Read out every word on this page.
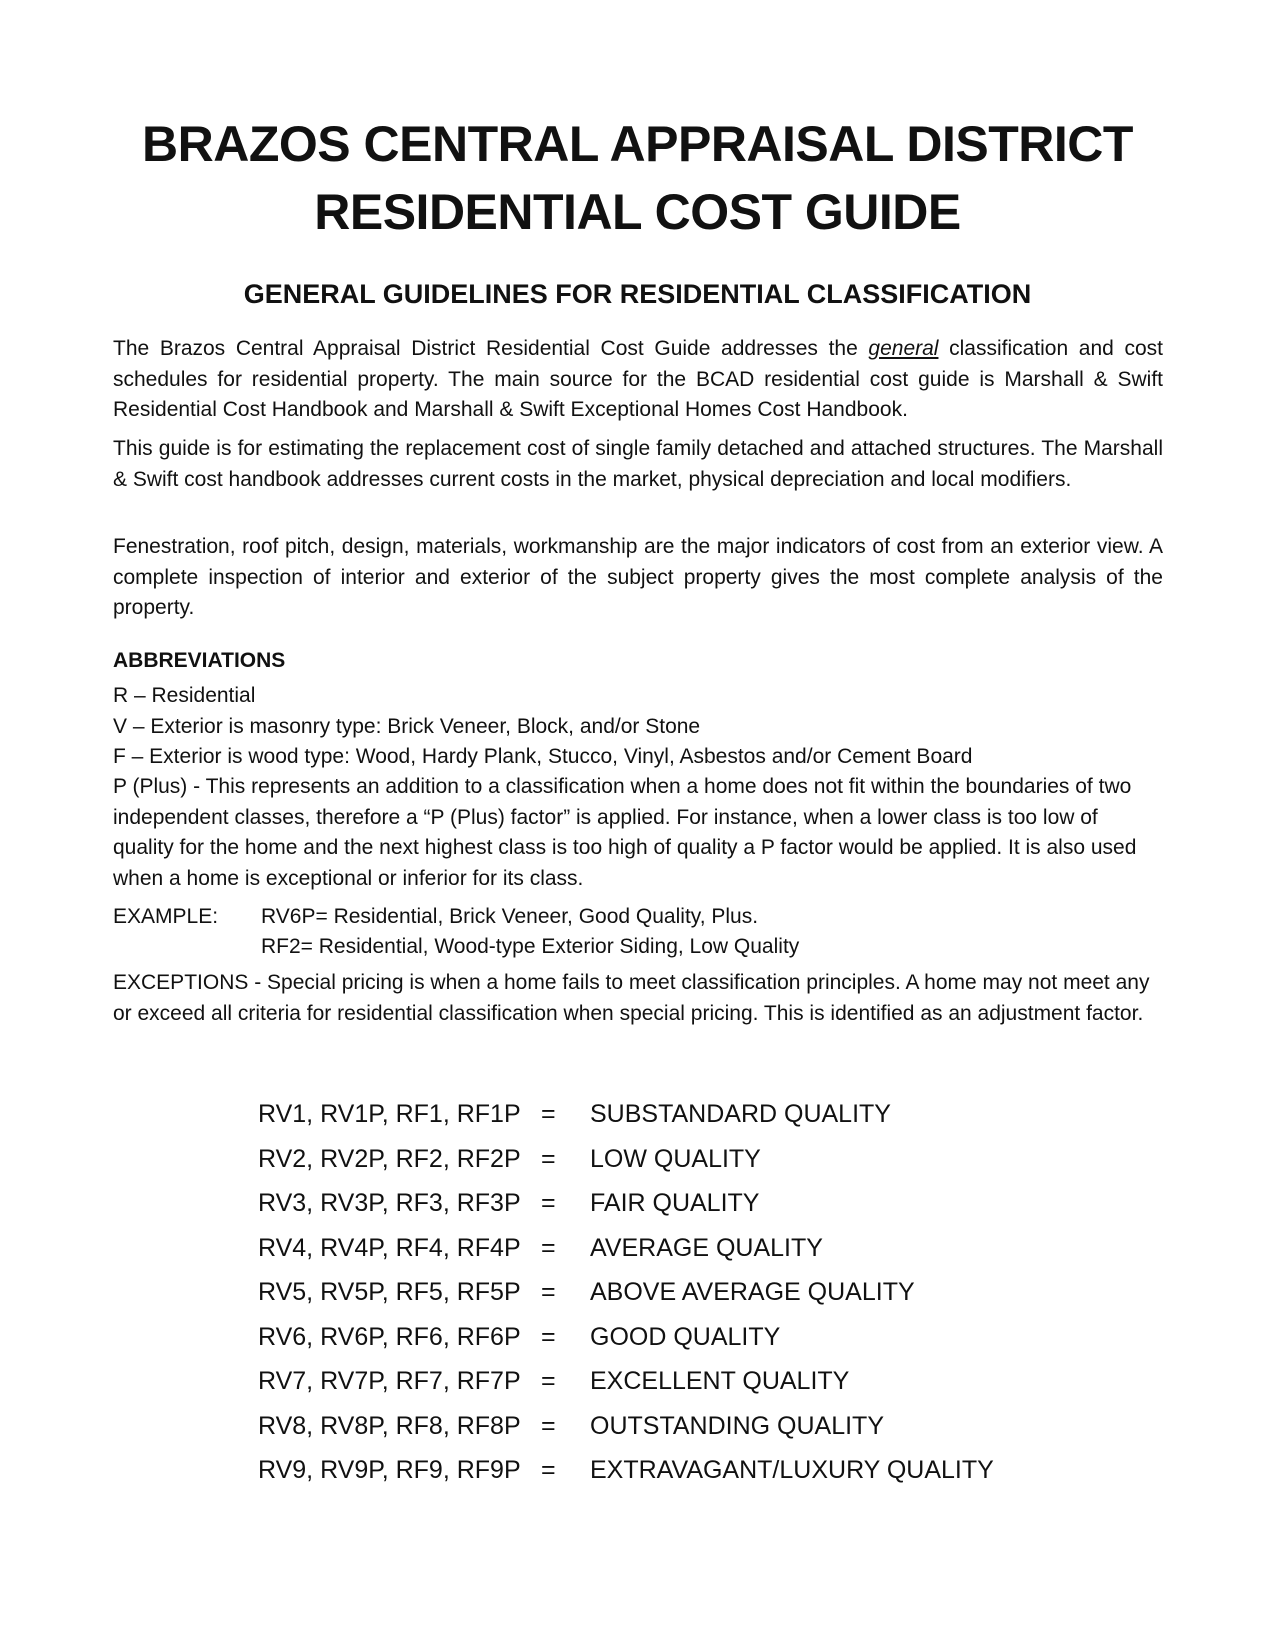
BRAZOS CENTRAL APPRAISAL DISTRICT
RESIDENTIAL COST GUIDE
GENERAL GUIDELINES FOR RESIDENTIAL CLASSIFICATION

The Brazos Central Appraisal District Residential Cost Guide addresses the general classification and cost schedules for residential property. The main source for the BCAD residential cost guide is Marshall & Swift Residential Cost Handbook and Marshall & Swift Exceptional Homes Cost Handbook.

This guide is for estimating the replacement cost of single family detached and attached structures. The Marshall & Swift cost handbook addresses current costs in the market, physical depreciation and local modifiers.

Fenestration, roof pitch, design, materials, workmanship are the major indicators of cost from an exterior view. A complete inspection of interior and exterior of the subject property gives the most complete analysis of the property.

ABBREVIATIONS
R – Residential
V – Exterior is masonry type: Brick Veneer, Block, and/or Stone
F – Exterior is wood type: Wood, Hardy Plank, Stucco, Vinyl, Asbestos and/or Cement Board

P (Plus) - This represents an addition to a classification when a home does not fit within the boundaries of two independent classes, therefore a “P (Plus) factor” is applied. For instance, when a lower class is too low of quality for the home and the next highest class is too high of quality a P factor would be applied. It is also used when a home is exceptional or inferior for its class.

EXAMPLE: RV6P= Residential, Brick Veneer, Good Quality, Plus.
RF2= Residential, Wood-type Exterior Siding, Low Quality

EXCEPTIONS - Special pricing is when a home fails to meet classification principles. A home may not meet any or exceed all criteria for residential classification when special pricing. This is identified as an adjustment factor.

RV1, RV1P, RF1, RF1P = SUBSTANDARD QUALITY
RV2, RV2P, RF2, RF2P = LOW QUALITY
RV3, RV3P, RF3, RF3P = FAIR QUALITY
RV4, RV4P, RF4, RF4P = AVERAGE QUALITY
RV5, RV5P, RF5, RF5P = ABOVE AVERAGE QUALITY
RV6, RV6P, RF6, RF6P = GOOD QUALITY
RV7, RV7P, RF7, RF7P = EXCELLENT QUALITY
RV8, RV8P, RF8, RF8P = OUTSTANDING QUALITY
RV9, RV9P, RF9, RF9P = EXTRAVAGANT/LUXURY QUALITY
